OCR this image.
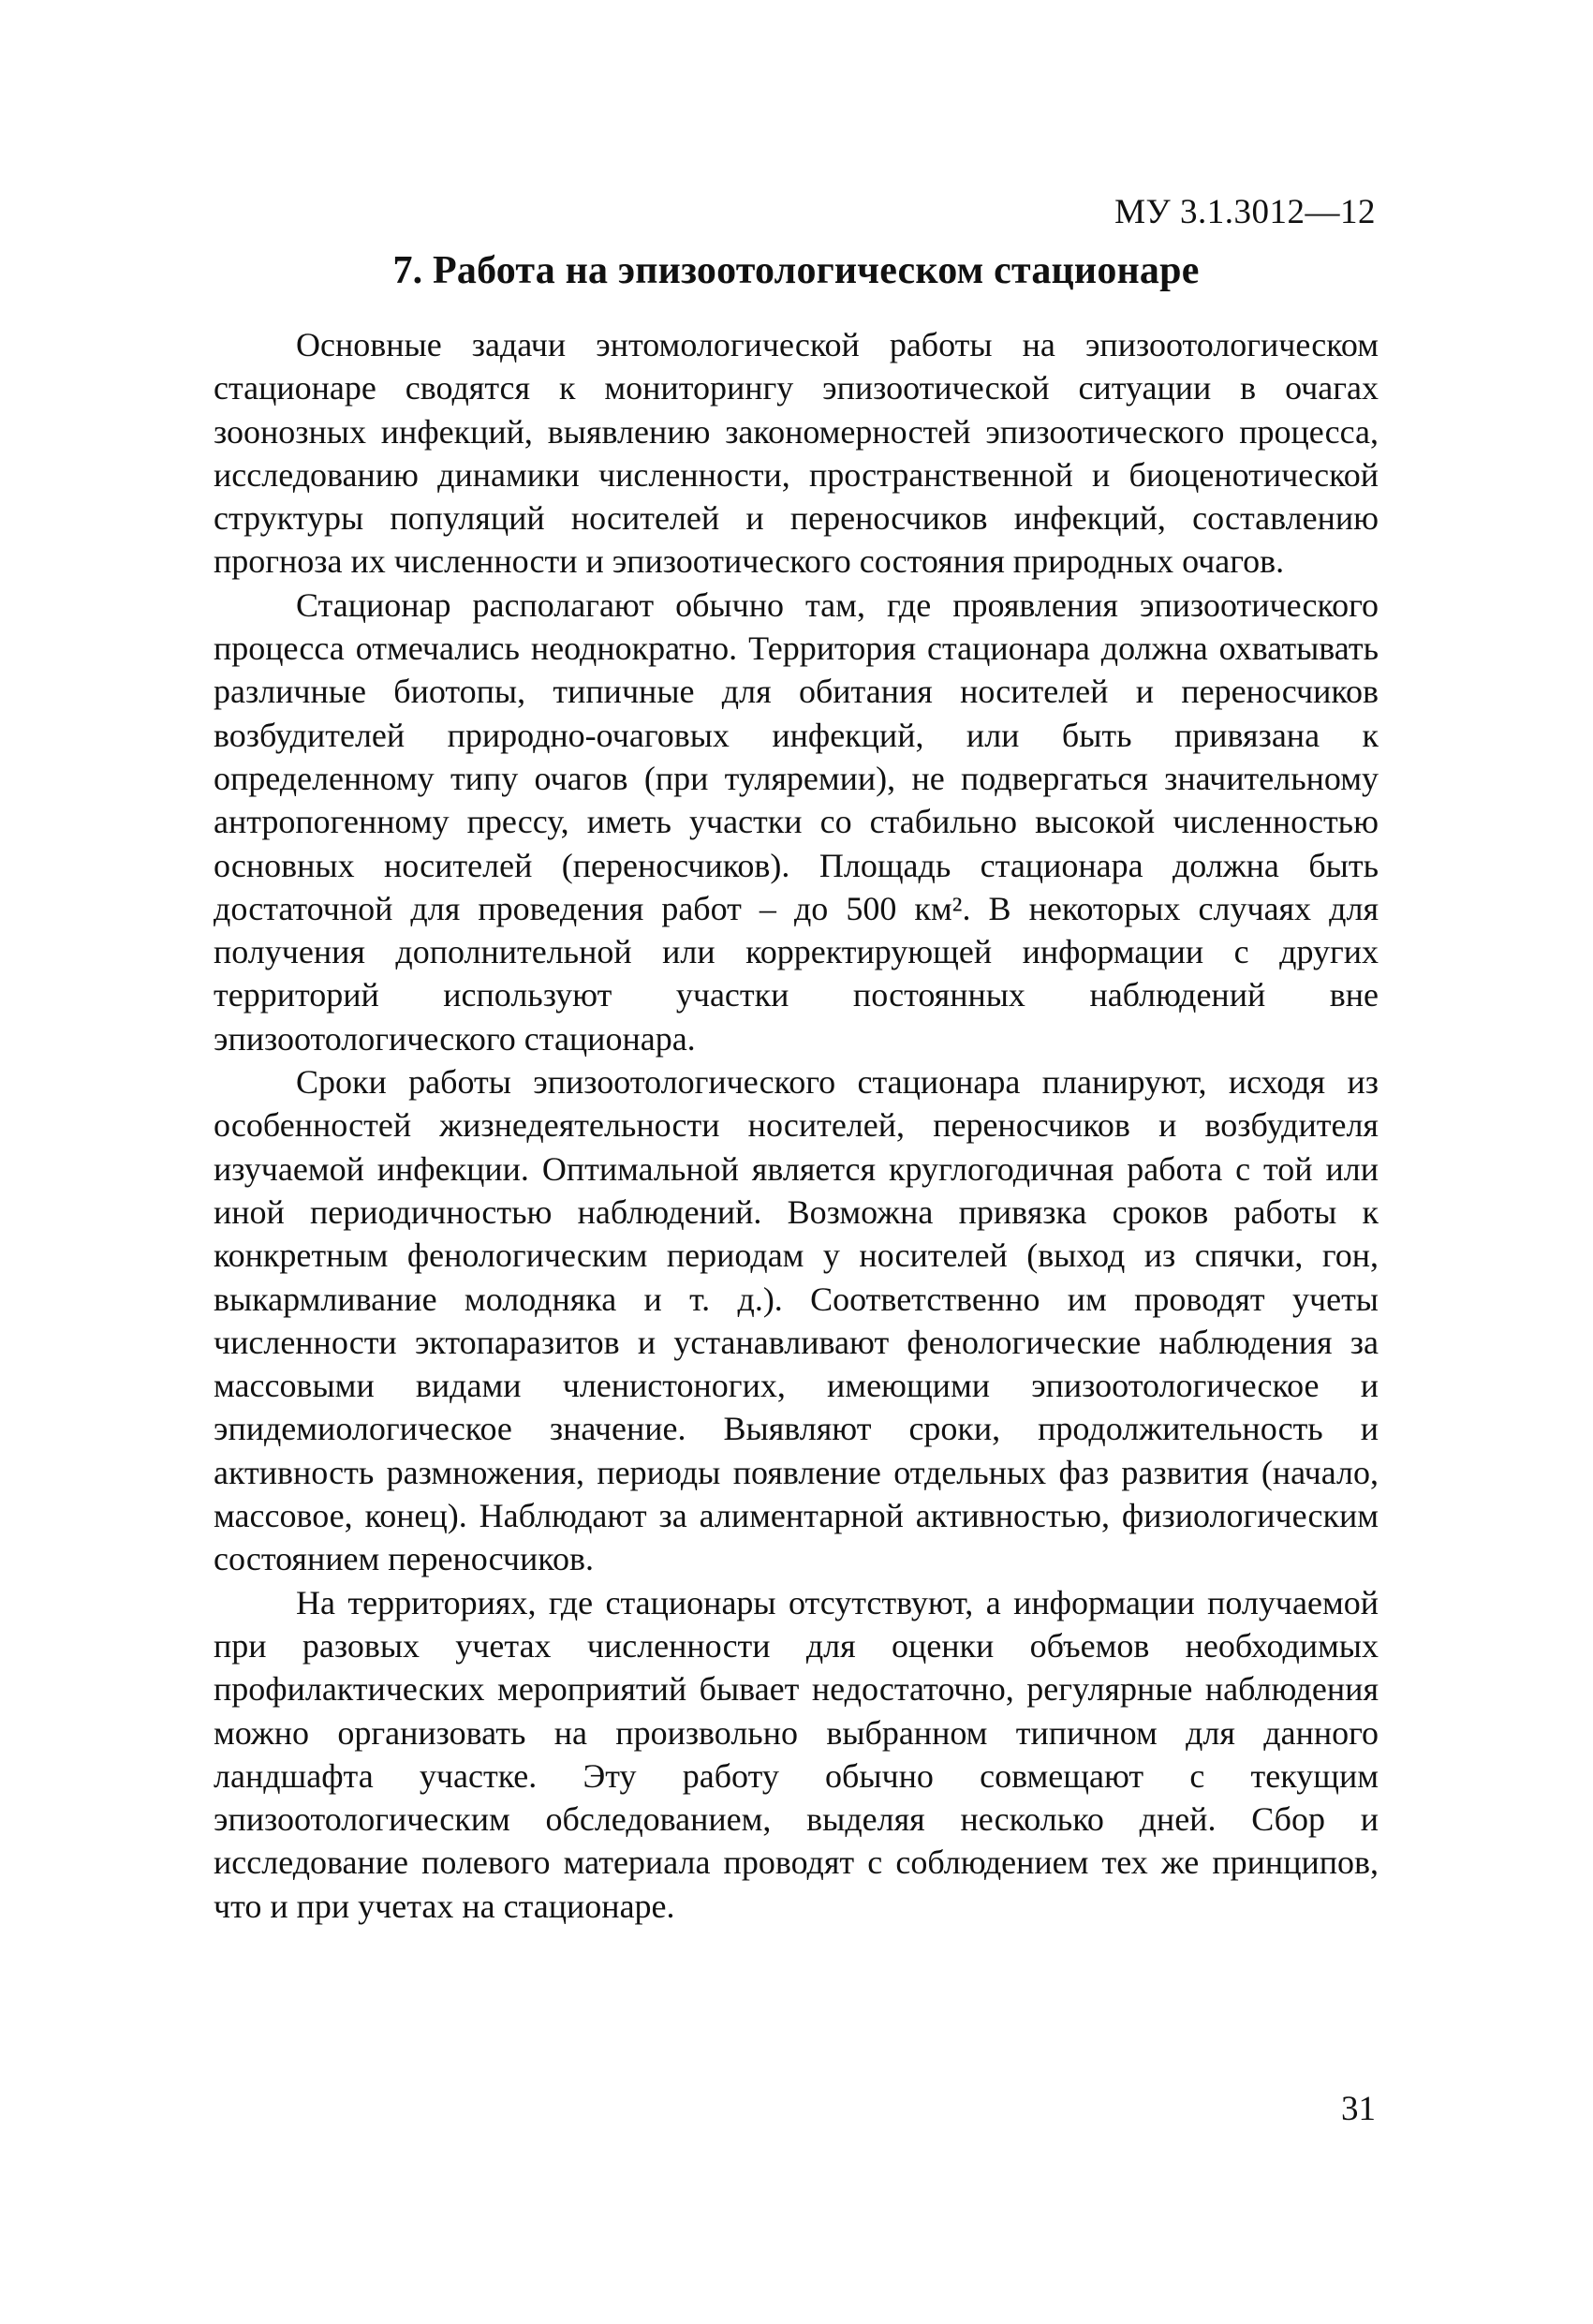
МУ 3.1.3012—12
7. Работа на эпизоотологическом стационаре

Основные задачи энтомологической работы на эпизоотологическом стационаре сводятся к мониторингу эпизоотической ситуации в очагах зоонозных инфекций, выявлению закономерностей эпизоотического процесса, исследованию динамики численности, пространственной и биоценотической структуры популяций носителей и переносчиков инфекций, составлению прогноза их численности и эпизоотического состояния природных очагов.

Стационар располагают обычно там, где проявления эпизоотического процесса отмечались неоднократно. Территория стационара должна охватывать различные биотопы, типичные для обитания носителей и переносчиков возбудителей природно-очаговых инфекций, или быть привязана к определенному типу очагов (при туляремии), не подвергаться значительному антропогенному прессу, иметь участки со стабильно высокой численностью основных носителей (переносчиков). Площадь стационара должна быть достаточной для проведения работ – до 500 км². В некоторых случаях для получения дополнительной или корректирующей информации с других территорий используют участки постоянных наблюдений вне эпизоотологического стационара.

Сроки работы эпизоотологического стационара планируют, исходя из особенностей жизнедеятельности носителей, переносчиков и возбудителя изучаемой инфекции. Оптимальной является круглогодичная работа с той или иной периодичностью наблюдений. Возможна привязка сроков работы к конкретным фенологическим периодам у носителей (выход из спячки, гон, выкармливание молодняка и т. д.). Соответственно им проводят учеты численности эктопаразитов и устанавливают фенологические наблюдения за массовыми видами членистоногих, имеющими эпизоотологическое и эпидемиологическое значение. Выявляют сроки, продолжительность и активность размножения, периоды появление отдельных фаз развития (начало, массовое, конец). Наблюдают за алиментарной активностью, физиологическим состоянием переносчиков.

На территориях, где стационары отсутствуют, а информации получаемой при разовых учетах численности для оценки объемов необходимых профилактических мероприятий бывает недостаточно, регулярные наблюдения можно организовать на произвольно выбранном типичном для данного ландшафта участке. Эту работу обычно совмещают с текущим эпизоотологическим обследованием, выделяя несколько дней. Сбор и исследование полевого материала проводят с соблюдением тех же принципов, что и при учетах на стационаре.

31
